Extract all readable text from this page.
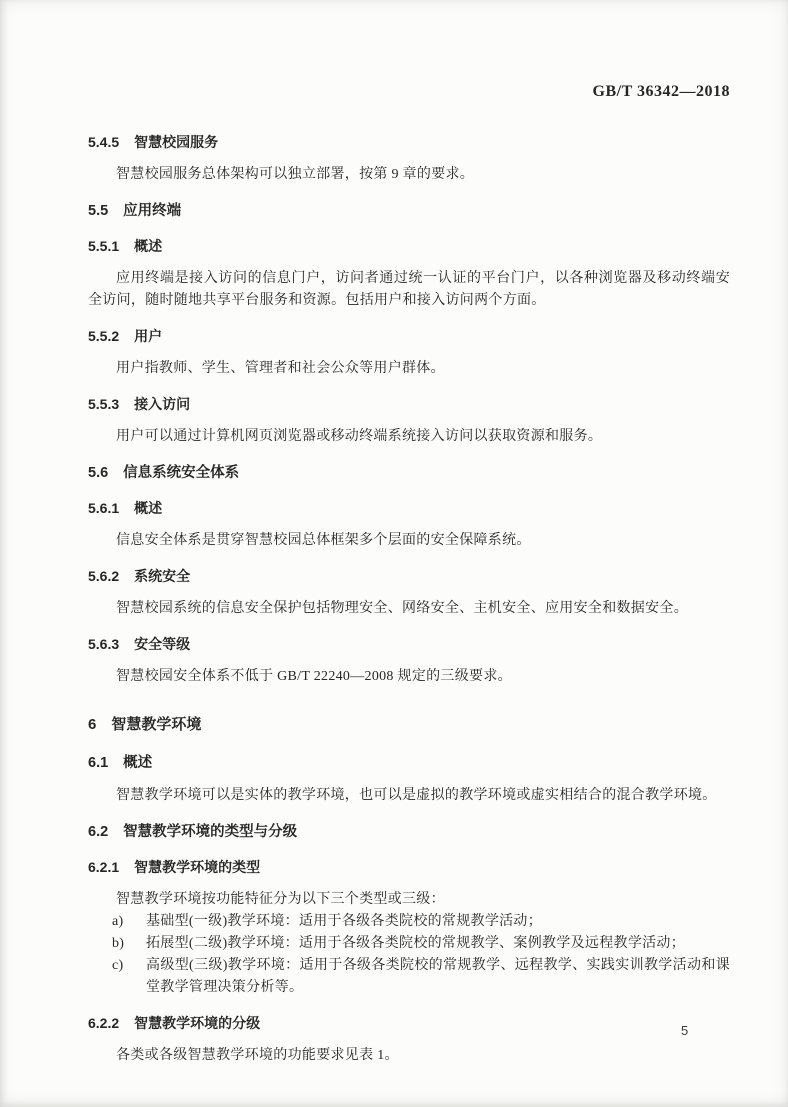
GB/T 36342—2018
5.4.5 智慧校园服务
智慧校园服务总体架构可以独立部署，按第 9 章的要求。
5.5 应用终端
5.5.1 概述
应用终端是接入访问的信息门户，访问者通过统一认证的平台门户，以各种浏览器及移动终端安全访问，随时随地共享平台服务和资源。包括用户和接入访问两个方面。
5.5.2 用户
用户指教师、学生、管理者和社会公众等用户群体。
5.5.3 接入访问
用户可以通过计算机网页浏览器或移动终端系统接入访问以获取资源和服务。
5.6 信息系统安全体系
5.6.1 概述
信息安全体系是贯穿智慧校园总体框架多个层面的安全保障系统。
5.6.2 系统安全
智慧校园系统的信息安全保护包括物理安全、网络安全、主机安全、应用安全和数据安全。
5.6.3 安全等级
智慧校园安全体系不低于 GB/T 22240—2008 规定的三级要求。
6 智慧教学环境
6.1 概述
智慧教学环境可以是实体的教学环境，也可以是虚拟的教学环境或虚实相结合的混合教学环境。
6.2 智慧教学环境的类型与分级
6.2.1 智慧教学环境的类型
智慧教学环境按功能特征分为以下三个类型或三级：
a)	基础型(一级)教学环境：适用于各级各类院校的常规教学活动；
b)	拓展型(二级)教学环境：适用于各级各类院校的常规教学、案例教学及远程教学活动；
c)	高级型(三级)教学环境：适用于各级各类院校的常规教学、远程教学、实践实训教学活动和课堂教学管理决策分析等。
6.2.2 智慧教学环境的分级
各类或各级智慧教学环境的功能要求见表 1。
5
